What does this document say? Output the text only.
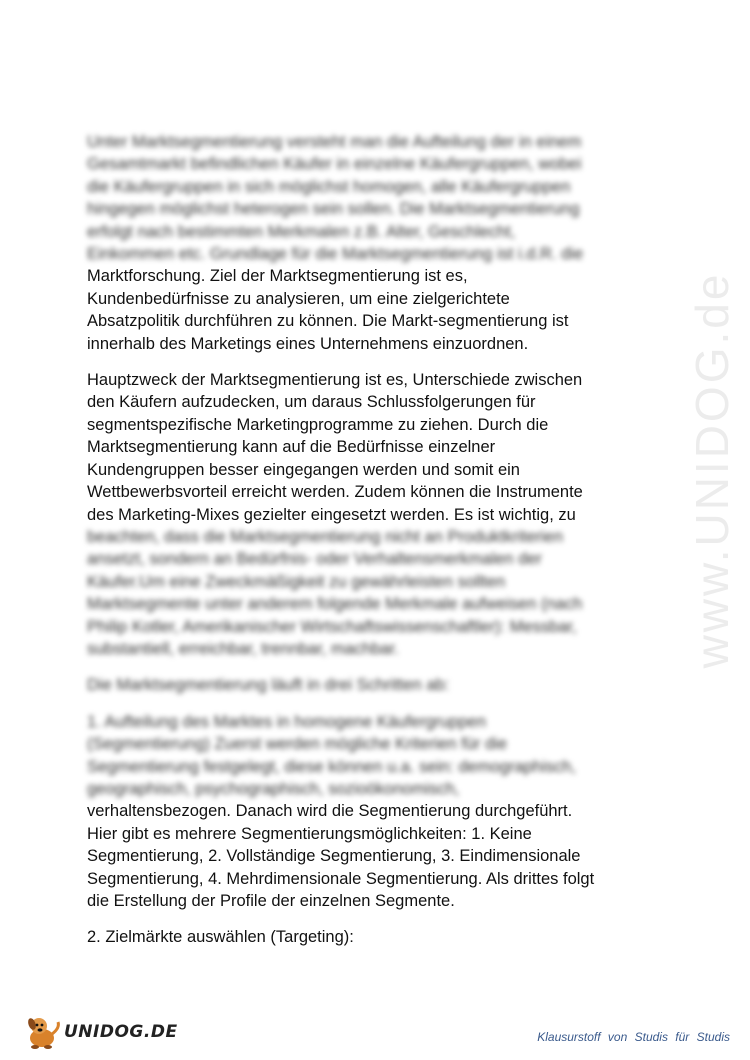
www.UNIDOG.de
Unter Marktsegmentierung versteht man die Aufteilung der in einem
Gesamtmarkt befindlichen Käufer in einzelne Käufergruppen, wobei
die Käufergruppen in sich möglichst homogen, alle Käufergruppen
hingegen möglichst heterogen sein sollen. Die Marktsegmentierung
erfolgt nach bestimmten Merkmalen z.B. Alter, Geschlecht,
Einkommen etc. Grundlage für die Marktsegmentierung ist i.d.R. die
Marktforschung. Ziel der Marktsegmentierung ist es,
Kundenbedürfnisse zu analysieren, um eine zielgerichtete
Absatzpolitik durchführen zu können. Die Markt-segmentierung ist
innerhalb des Marketings eines Unternehmens einzuordnen.
Hauptzweck der Marktsegmentierung ist es, Unterschiede zwischen
den Käufern aufzudecken, um daraus Schlussfolgerungen für
segmentspezifische Marketingprogramme zu ziehen. Durch die
Marktsegmentierung kann auf die Bedürfnisse einzelner
Kundengruppen besser eingegangen werden und somit ein
Wettbewerbsvorteil erreicht werden. Zudem können die Instrumente
des Marketing-Mixes gezielter eingesetzt werden. Es ist wichtig, zu
beachten, dass die Marktsegmentierung nicht an Produktkriterien
ansetzt, sondern an Bedürfnis- oder Verhaltensmerkmalen der
Käufer.Um eine Zweckmäßigkeit zu gewährleisten sollten
Marktsegmente unter anderem folgende Merkmale aufweisen (nach
Philip Kotler, Amerikanischer Wirtschaftswissenschaftler): Messbar,
substantiell, erreichbar, trennbar, machbar.
Die Marktsegmentierung läuft in drei Schritten ab:
1. Aufteilung des Marktes in homogene Käufergruppen
(Segmentierung) Zuerst werden mögliche Kriterien für die
Segmentierung festgelegt, diese können u.a. sein: demographisch,
geographisch, psychographisch, sozioökonomisch,
verhaltensbezogen. Danach wird die Segmentierung durchgeführt.
Hier gibt es mehrere Segmentierungsmöglichkeiten: 1. Keine
Segmentierung, 2. Vollständige Segmentierung, 3. Eindimensionale
Segmentierung, 4. Mehrdimensionale Segmentierung. Als drittes folgt
die Erstellung der Profile der einzelnen Segmente.
2. Zielmärkte auswählen (Targeting):
UNIDOG.DE	Klausurstoff von Studis für Studis
